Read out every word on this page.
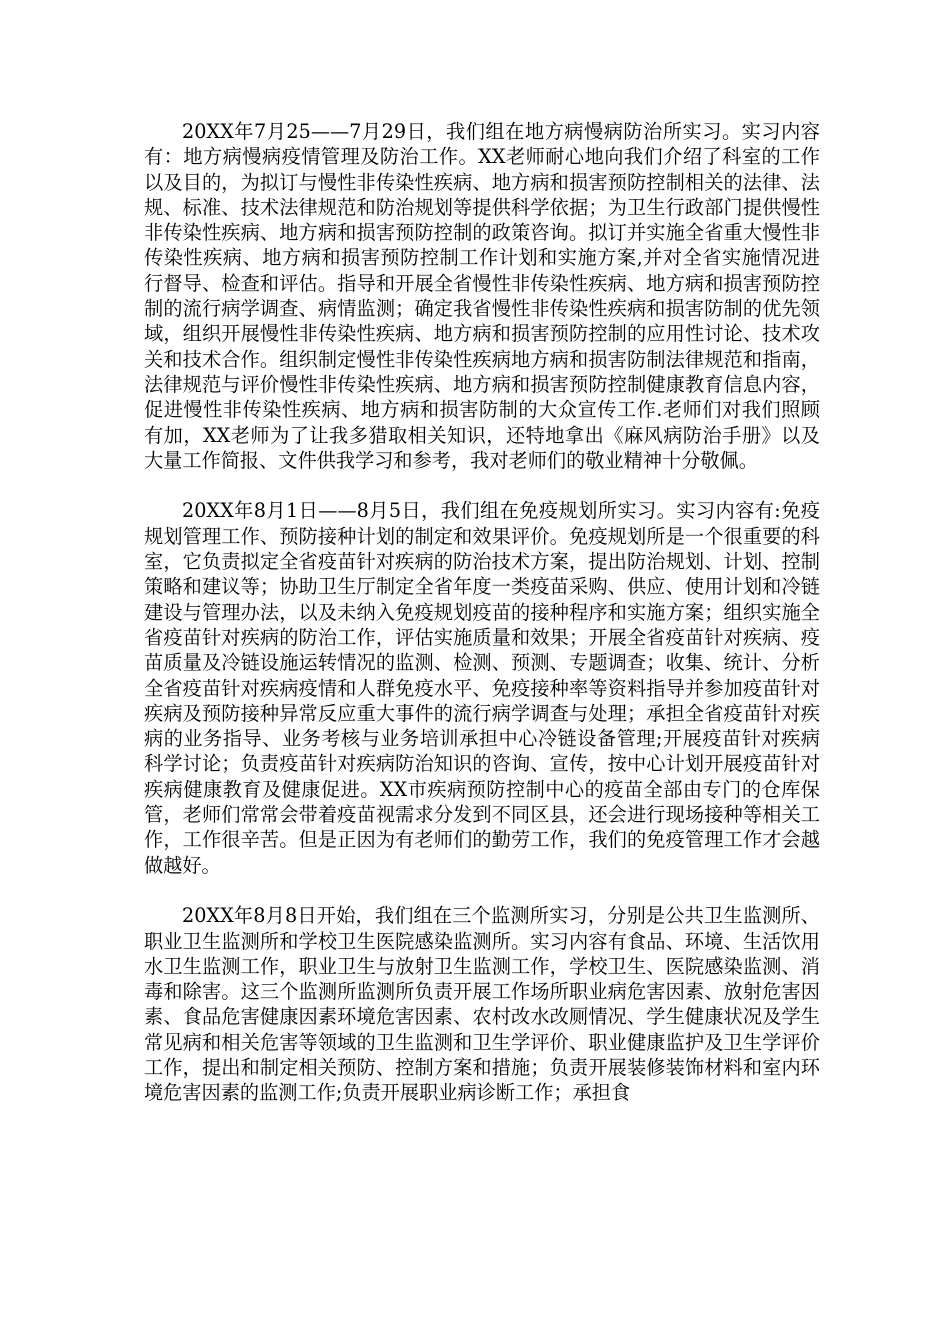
20XX年7月25——7月29日，我们组在地方病慢病防治所实习。实习内容有：地方病慢病疫情管理及防治工作。XX老师耐心地向我们介绍了科室的工作以及目的，为拟订与慢性非传染性疾病、地方病和损害预防控制相关的法律、法规、标准、技术法律规范和防治规划等提供科学依据；为卫生行政部门提供慢性非传染性疾病、地方病和损害预防控制的政策咨询。拟订并实施全省重大慢性非传染性疾病、地方病和损害预防控制工作计划和实施方案,并对全省实施情况进行督导、检查和评估。指导和开展全省慢性非传染性疾病、地方病和损害预防控制的流行病学调查、病情监测；确定我省慢性非传染性疾病和损害防制的优先领域，组织开展慢性非传染性疾病、地方病和损害预防控制的应用性讨论、技术攻关和技术合作。组织制定慢性非传染性疾病地方病和损害防制法律规范和指南，法律规范与评价慢性非传染性疾病、地方病和损害预防控制健康教育信息内容，促进慢性非传染性疾病、地方病和损害防制的大众宣传工作.老师们对我们照顾有加，XX老师为了让我多猎取相关知识，还特地拿出《麻风病防治手册》以及大量工作简报、文件供我学习和参考，我对老师们的敬业精神十分敬佩。

20XX年8月1日——8月5日，我们组在免疫规划所实习。实习内容有:免疫规划管理工作、预防接种计划的制定和效果评价。免疫规划所是一个很重要的科室，它负责拟定全省疫苗针对疾病的防治技术方案，提出防治规划、计划、控制策略和建议等；协助卫生厅制定全省年度一类疫苗采购、供应、使用计划和冷链建设与管理办法，以及未纳入免疫规划疫苗的接种程序和实施方案；组织实施全省疫苗针对疾病的防治工作，评估实施质量和效果；开展全省疫苗针对疾病、疫苗质量及冷链设施运转情况的监测、检测、预测、专题调查；收集、统计、分析全省疫苗针对疾病疫情和人群免疫水平、免疫接种率等资料指导并参加疫苗针对疾病及预防接种异常反应重大事件的流行病学调查与处理；承担全省疫苗针对疾病的业务指导、业务考核与业务培训承担中心冷链设备管理;开展疫苗针对疾病科学讨论；负责疫苗针对疾病防治知识的咨询、宣传，按中心计划开展疫苗针对疾病健康教育及健康促进。XX市疾病预防控制中心的疫苗全部由专门的仓库保管，老师们常常会带着疫苗视需求分发到不同区县，还会进行现场接种等相关工作，工作很辛苦。但是正因为有老师们的勤劳工作，我们的免疫管理工作才会越做越好。

20XX年8月8日开始，我们组在三个监测所实习，分别是公共卫生监测所、职业卫生监测所和学校卫生医院感染监测所。实习内容有食品、环境、生活饮用水卫生监测工作，职业卫生与放射卫生监测工作，学校卫生、医院感染监测、消毒和除害。这三个监测所监测所负责开展工作场所职业病危害因素、放射危害因素、食品危害健康因素环境危害因素、农村改水改厕情况、学生健康状况及学生常见病和相关危害等领域的卫生监测和卫生学评价、职业健康监护及卫生学评价工作，提出和制定相关预防、控制方案和措施；负责开展装修装饰材料和室内环境危害因素的监测工作;负责开展职业病诊断工作；承担食
